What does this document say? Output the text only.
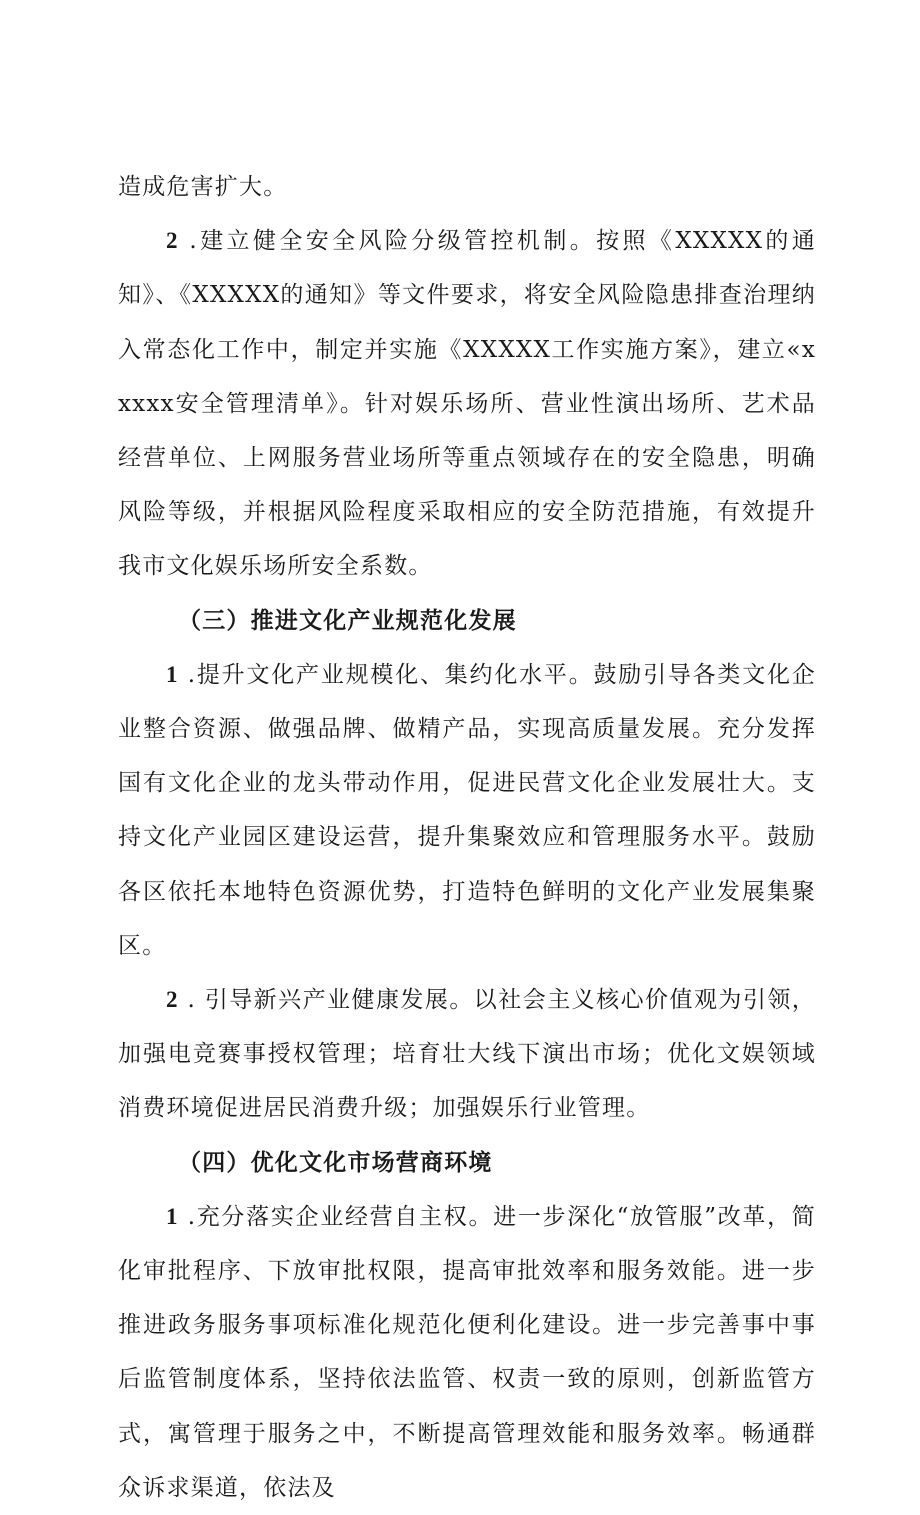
造成危害扩大。

2 .建立健全安全风险分级管控机制。按照《XXXXX的通知》、《XXXXX的通知》等文件要求，将安全风险隐患排查治理纳入常态化工作中，制定并实施《XXXXX工作实施方案》，建立«xxxxx安全管理清单》。针对娱乐场所、营业性演出场所、艺术品经营单位、上网服务营业场所等重点领域存在的安全隐患，明确风险等级，并根据风险程度采取相应的安全防范措施，有效提升我市文化娱乐场所安全系数。

（三）推进文化产业规范化发展

1 .提升文化产业规模化、集约化水平。鼓励引导各类文化企业整合资源、做强品牌、做精产品，实现高质量发展。充分发挥国有文化企业的龙头带动作用，促进民营文化企业发展壮大。支持文化产业园区建设运营，提升集聚效应和管理服务水平。鼓励各区依托本地特色资源优势，打造特色鲜明的文化产业发展集聚区。

2 . 引导新兴产业健康发展。以社会主义核心价值观为引领，加强电竞赛事授权管理；培育壮大线下演出市场；优化文娱领域消费环境促进居民消费升级；加强娱乐行业管理。

（四）优化文化市场营商环境

1 .充分落实企业经营自主权。进一步深化“放管服”改革，简化审批程序、下放审批权限，提高审批效率和服务效能。进一步推进政务服务事项标准化规范化便利化建设。进一步完善事中事后监管制度体系，坚持依法监管、权责一致的原则，创新监管方式，寓管理于服务之中，不断提高管理效能和服务效率。畅通群众诉求渠道，依法及
